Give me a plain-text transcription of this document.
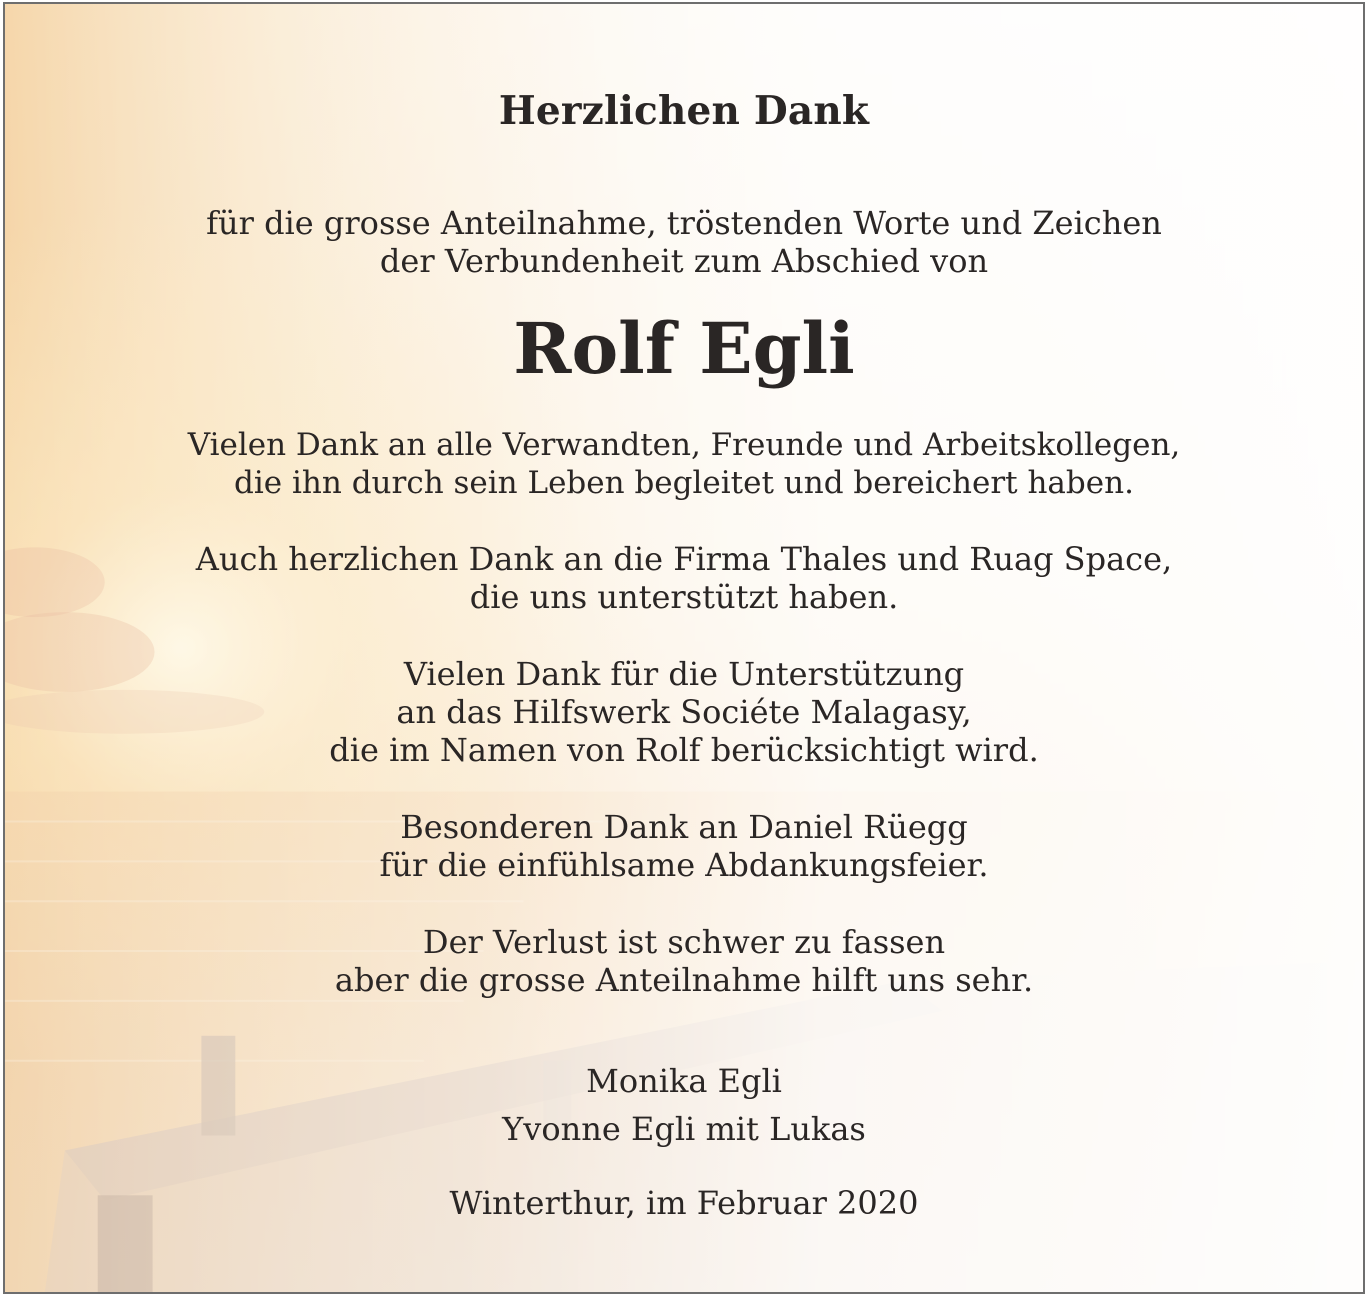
Herzlichen Dank
für die grosse Anteilnahme, tröstenden Worte und Zeichen
der Verbundenheit zum Abschied von
Rolf Egli
Vielen Dank an alle Verwandten, Freunde und Arbeitskollegen,
die ihn durch sein Leben begleitet und bereichert haben.
Auch herzlichen Dank an die Firma Thales und Ruag Space,
die uns unterstützt haben.
Vielen Dank für die Unterstützung
an das Hilfswerk Sociéte Malagasy,
die im Namen von Rolf berücksichtigt wird.
Besonderen Dank an Daniel Rüegg
für die einfühlsame Abdankungsfeier.
Der Verlust ist schwer zu fassen
aber die grosse Anteilnahme hilft uns sehr.
Monika Egli
Yvonne Egli mit Lukas
Winterthur, im Februar 2020
